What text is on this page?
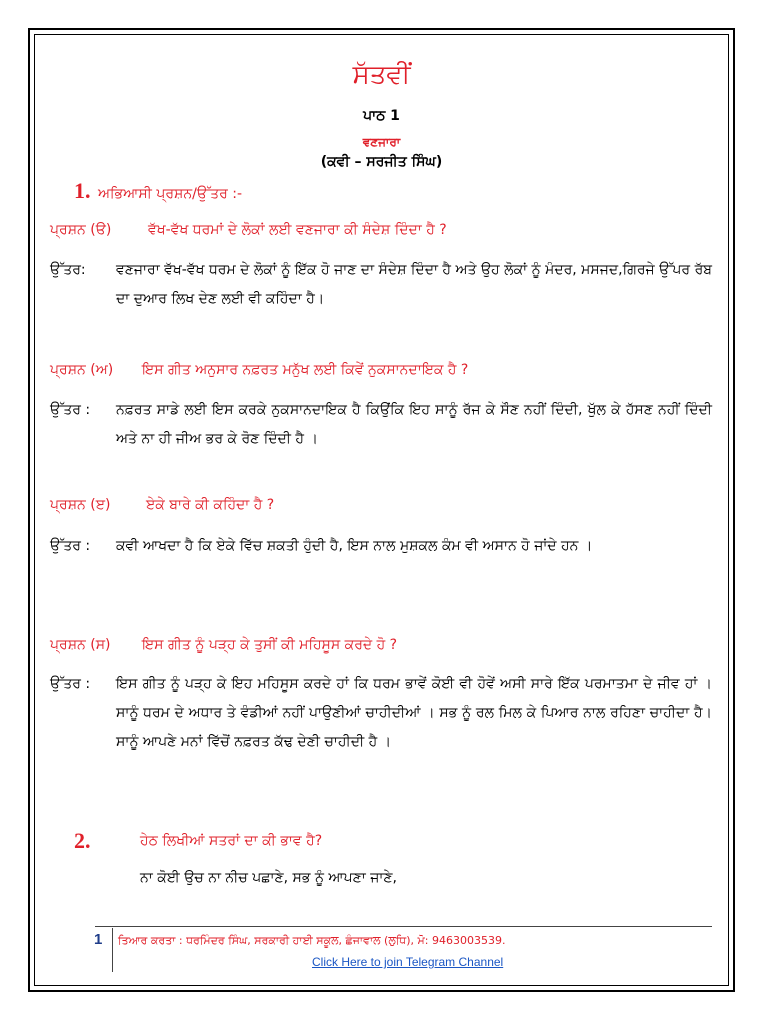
ਸੱਤਵੀਂ
ਪਾਠ 1
ਵਣਜਾਰਾ
(ਕਵੀ – ਸਰਜੀਤ ਸਿੰਘ)
1. ਅਭਿਆਸੀ ਪ੍ਰਸ਼ਨ/ਉੱਤਰ :-
ਪ੍ਰਸ਼ਨ (ੳ)	ਵੱਖ-ਵੱਖ ਧਰਮਾਂ ਦੇ ਲੋਕਾਂ ਲਈ ਵਣਜਾਰਾ ਕੀ ਸੰਦੇਸ਼ ਦਿੰਦਾ ਹੈ ?
ਉੱਤਰ: ਵਣਜਾਰਾ ਵੱਖ-ਵੱਖ ਧਰਮ ਦੇ ਲੋਕਾਂ ਨੂੰ ਇੱਕ ਹੋ ਜਾਣ ਦਾ ਸੰਦੇਸ਼ ਦਿੰਦਾ ਹੈ ਅਤੇ ਉਹ ਲੋਕਾਂ ਨੂੰ ਮੰਦਰ, ਮਸਜਦ,ਗਿਰਜੇ ਉੱਪਰ ਰੱਬ ਦਾ ਦੁਆਰ ਲਿਖ ਦੇਣ ਲਈ ਵੀ ਕਹਿੰਦਾ ਹੈ।
ਪ੍ਰਸ਼ਨ (ਅ) ਇਸ ਗੀਤ ਅਨੁਸਾਰ ਨਫ਼ਰਤ ਮਨੁੱਖ ਲਈ ਕਿਵੇਂ ਨੁਕਸਾਨਦਾਇਕ ਹੈ ?
ਉੱਤਰ : ਨਫ਼ਰਤ ਸਾਡੇ ਲਈ ਇਸ ਕਰਕੇ ਨੁਕਸਾਨਦਾਇਕ ਹੈ ਕਿਉਂਕਿ ਇਹ ਸਾਨੂੰ ਰੱਜ ਕੇ ਸੌਣ ਨਹੀਂ ਦਿੰਦੀ, ਖੁੱਲ ਕੇ ਹੱਸਣ ਨਹੀਂ ਦਿੰਦੀ ਅਤੇ ਨਾ ਹੀ ਜੀਅ ਭਰ ਕੇ ਰੋਣ ਦਿੰਦੀ ਹੈ ।
ਪ੍ਰਸ਼ਨ (ੲ)	ਏਕੇ ਬਾਰੇ ਕੀ ਕਹਿੰਦਾ ਹੈ ?
ਉੱਤਰ : ਕਵੀ ਆਖਦਾ ਹੈ ਕਿ ਏਕੇ ਵਿੱਚ ਸ਼ਕਤੀ ਹੁੰਦੀ ਹੈ, ਇਸ ਨਾਲ ਮੁਸ਼ਕਲ ਕੰਮ ਵੀ ਅਸਾਨ ਹੋ ਜਾਂਦੇ ਹਨ ।
ਪ੍ਰਸ਼ਨ (ਸ) ਇਸ ਗੀਤ ਨੂੰ ਪੜ੍ਹ ਕੇ ਤੁਸੀਂ ਕੀ ਮਹਿਸੂਸ ਕਰਦੇ ਹੋ ?
ਉੱਤਰ : ਇਸ ਗੀਤ ਨੂੰ ਪੜ੍ਹ ਕੇ ਇਹ ਮਹਿਸੂਸ ਕਰਦੇ ਹਾਂ ਕਿ ਧਰਮ ਭਾਵੇਂ ਕੋਈ ਵੀ ਹੋਵੇਂ ਅਸੀ ਸਾਰੇ ਇੱਕ ਪਰਮਾਤਮਾ ਦੇ ਜੀਵ ਹਾਂ । ਸਾਨੂੰ ਧਰਮ ਦੇ ਅਧਾਰ ਤੇ ਵੰਡੀਆਂ ਨਹੀਂ ਪਾਉਣੀਆਂ ਚਾਹੀਦੀਆਂ । ਸਭ ਨੂੰ ਰਲ ਮਿਲ ਕੇ ਪਿਆਰ ਨਾਲ ਰਹਿਣਾ ਚਾਹੀਦਾ ਹੈ। ਸਾਨੂੰ ਆਪਣੇ ਮਨਾਂ ਵਿੱਚੋਂ ਨਫ਼ਰਤ ਕੱਢ ਦੇਣੀ ਚਾਹੀਦੀ ਹੈ ।
2.	ਹੇਠ ਲਿਖੀਆਂ ਸਤਰਾਂ ਦਾ ਕੀ ਭਾਵ ਹੈ?
ਨਾ ਕੋਈ ਉਚ ਨਾ ਨੀਚ ਪਛਾਣੇ, ਸਭ ਨੂੰ ਆਪਣਾ ਜਾਣੇ,
1 ਤਿਆਰ ਕਰਤਾ : ਧਰਮਿੰਦਰ ਸਿੰਘ, ਸਰਕਾਰੀ ਹਾਈ ਸਕੂਲ, ਛੰਜਾਵਾਲ (ਲੁਧਿ), ਮੋ: 9463003539.
Click Here to join Telegram Channel
